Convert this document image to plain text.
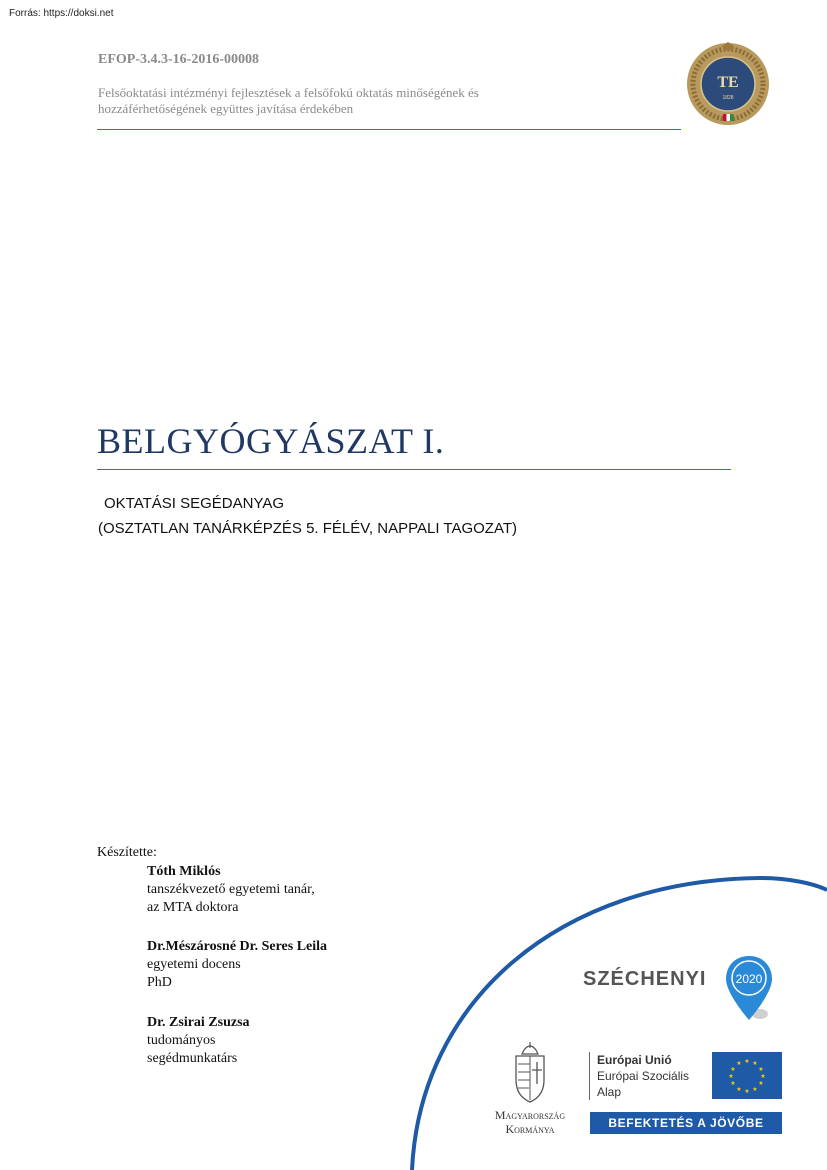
Forrás: https://doksi.net
EFOP-3.4.3-16-2016-00008
Felsőoktatási intézményi fejlesztések a felsőfokú oktatás minőségének és
hozzáférhetőségének együttes javítása érdekében
TE
1828
BELGYÓGYÁSZAT I.
OKTATÁSI SEGÉDANYAG
(OSZTATLAN TANÁRKÉPZÉS 5. FÉLÉV, NAPPALI TAGOZAT)
Készítette:
Tóth Miklós
tanszékvezető egyetemi tanár,
az MTA doktora
Dr.Mészárosné Dr. Seres Leila
egyetemi docens
PhD
Dr. Zsirai Zsuzsa
tudományos
segédmunkatárs
SZÉCHENYI 2020
Magyarország
Kormánya
Európai Unió
Európai Szociális
Alap
★ ★
★
★
★
★
★
★
★
★
★
★
BEFEKTETÉS A JÖVŐBE
